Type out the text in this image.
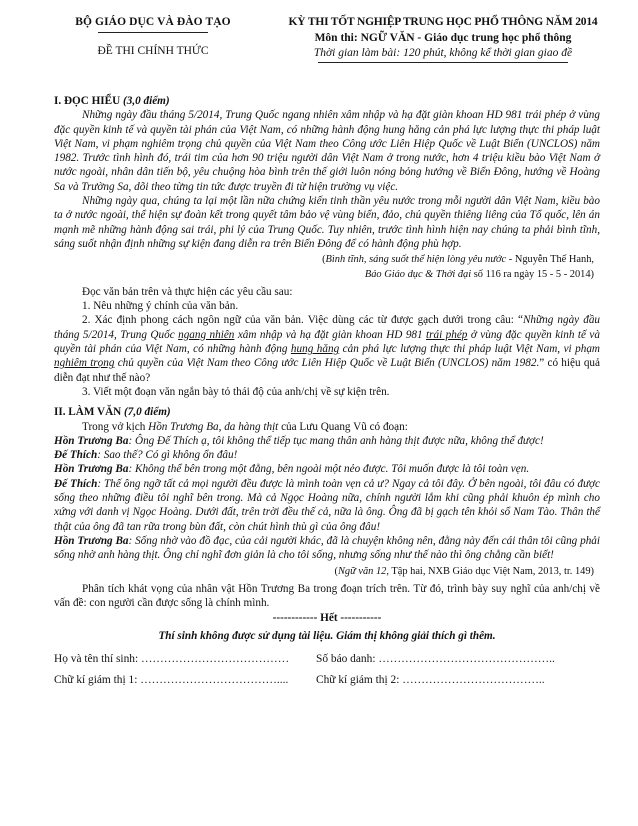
BỘ GIÁO DỤC VÀ ĐÀO TẠO
ĐỀ THI CHÍNH THỨC
KỲ THI TỐT NGHIỆP TRUNG HỌC PHỔ THÔNG NĂM 2014
Môn thi: NGỮ VĂN - Giáo dục trung học phổ thông
Thời gian làm bài: 120 phút, không kể thời gian giao đề

I. ĐỌC HIỂU (3,0 điểm)

Những ngày đầu tháng 5/2014, Trung Quốc ngang nhiên xâm nhập và hạ đặt giàn khoan HD 981 trái phép ở vùng đặc quyền kinh tế và quyền tài phán của Việt Nam, có những hành động hung hăng cản phá lực lượng thực thi pháp luật Việt Nam, vi phạm nghiêm trọng chủ quyền của Việt Nam theo Công ước Liên Hiệp Quốc về Luật Biển (UNCLOS) năm 1982. Trước tình hình đó, trái tim của hơn 90 triệu người dân Việt Nam ở trong nước, hơn 4 triệu kiều bào Việt Nam ở nước ngoài, nhân dân tiến bộ, yêu chuộng hòa bình trên thế giới luôn nóng bỏng hướng về Biển Đông, hướng về Hoàng Sa và Trường Sa, dõi theo từng tin tức được truyền đi từ hiện trường vụ việc.

Những ngày qua, chúng ta lại một lần nữa chứng kiến tinh thần yêu nước trong mỗi người dân Việt Nam, kiều bào ta ở nước ngoài, thể hiện sự đoàn kết trong quyết tâm bảo vệ vùng biển, đảo, chủ quyền thiêng liêng của Tổ quốc, lên án mạnh mẽ những hành động sai trái, phi lý của Trung Quốc. Tuy nhiên, trước tình hình hiện nay chúng ta phải bình tĩnh, sáng suốt nhận định những sự kiện đang diễn ra trên Biển Đông để có hành động phù hợp.

(Bình tĩnh, sáng suốt thể hiện lòng yêu nước - Nguyễn Thế Hanh,
Báo Giáo dục & Thời đại số 116 ra ngày 15 - 5 - 2014)

Đọc văn bản trên và thực hiện các yêu cầu sau:

1. Nêu những ý chính của văn bản.

2. Xác định phong cách ngôn ngữ của văn bản. Việc dùng các từ được gạch dưới trong câu: “Những ngày đầu tháng 5/2014, Trung Quốc ngang nhiên xâm nhập và hạ đặt giàn khoan HD 981 trái phép ở vùng đặc quyền kinh tế và quyền tài phán của Việt Nam, có những hành động hung hăng cản phá lực lượng thực thi pháp luật Việt Nam, vi phạm nghiêm trọng chủ quyền của Việt Nam theo Công ước Liên Hiệp Quốc về Luật Biển (UNCLOS) năm 1982.” có hiệu quả diễn đạt như thế nào?

3. Viết một đoạn văn ngắn bày tỏ thái độ của anh/chị về sự kiện trên.

II. LÀM VĂN (7,0 điểm)

Trong vở kịch Hồn Trương Ba, da hàng thịt của Lưu Quang Vũ có đoạn:

Hồn Trương Ba: Ông Đế Thích ạ, tôi không thể tiếp tục mang thân anh hàng thịt được nữa, không thể được!

Đế Thích: Sao thế? Có gì không ổn đâu!

Hồn Trương Ba: Không thể bên trong một đằng, bên ngoài một nẻo được. Tôi muốn được là tôi toàn vẹn.

Đế Thích: Thế ông ngỡ tất cả mọi người đều được là mình toàn vẹn cả ư? Ngay cả tôi đây. Ở bên ngoài, tôi đâu có được sống theo những điều tôi nghĩ bên trong. Mà cả Ngọc Hoàng nữa, chính người lắm khi cũng phải khuôn ép mình cho xứng với danh vị Ngọc Hoàng. Dưới đất, trên trời đều thế cả, nữa là ông. Ông đã bị gạch tên khỏi sổ Nam Tào. Thân thể thật của ông đã tan rữa trong bùn đất, còn chút hình thù gì của ông đâu!

Hồn Trương Ba: Sống nhờ vào đồ đạc, của cải người khác, đã là chuyện không nên, đằng này đến cái thân tôi cũng phải sống nhờ anh hàng thịt. Ông chỉ nghĩ đơn giản là cho tôi sống, nhưng sống như thế nào thì ông chẳng cần biết!

(Ngữ văn 12, Tập hai, NXB Giáo dục Việt Nam, 2013, tr. 149)

Phân tích khát vọng của nhân vật Hồn Trương Ba trong đoạn trích trên. Từ đó, trình bày suy nghĩ của anh/chị về vấn đề: con người cần được sống là chính mình.

------------ Hết -----------

Thí sinh không được sử dụng tài liệu. Giám thị không giải thích gì thêm.

Họ và tên thí sinh: …………………………………	Số báo danh: ………………………………………..
Chữ kí giám thị 1: ………………………………....	Chữ kí giám thị 2: ………………………………..
